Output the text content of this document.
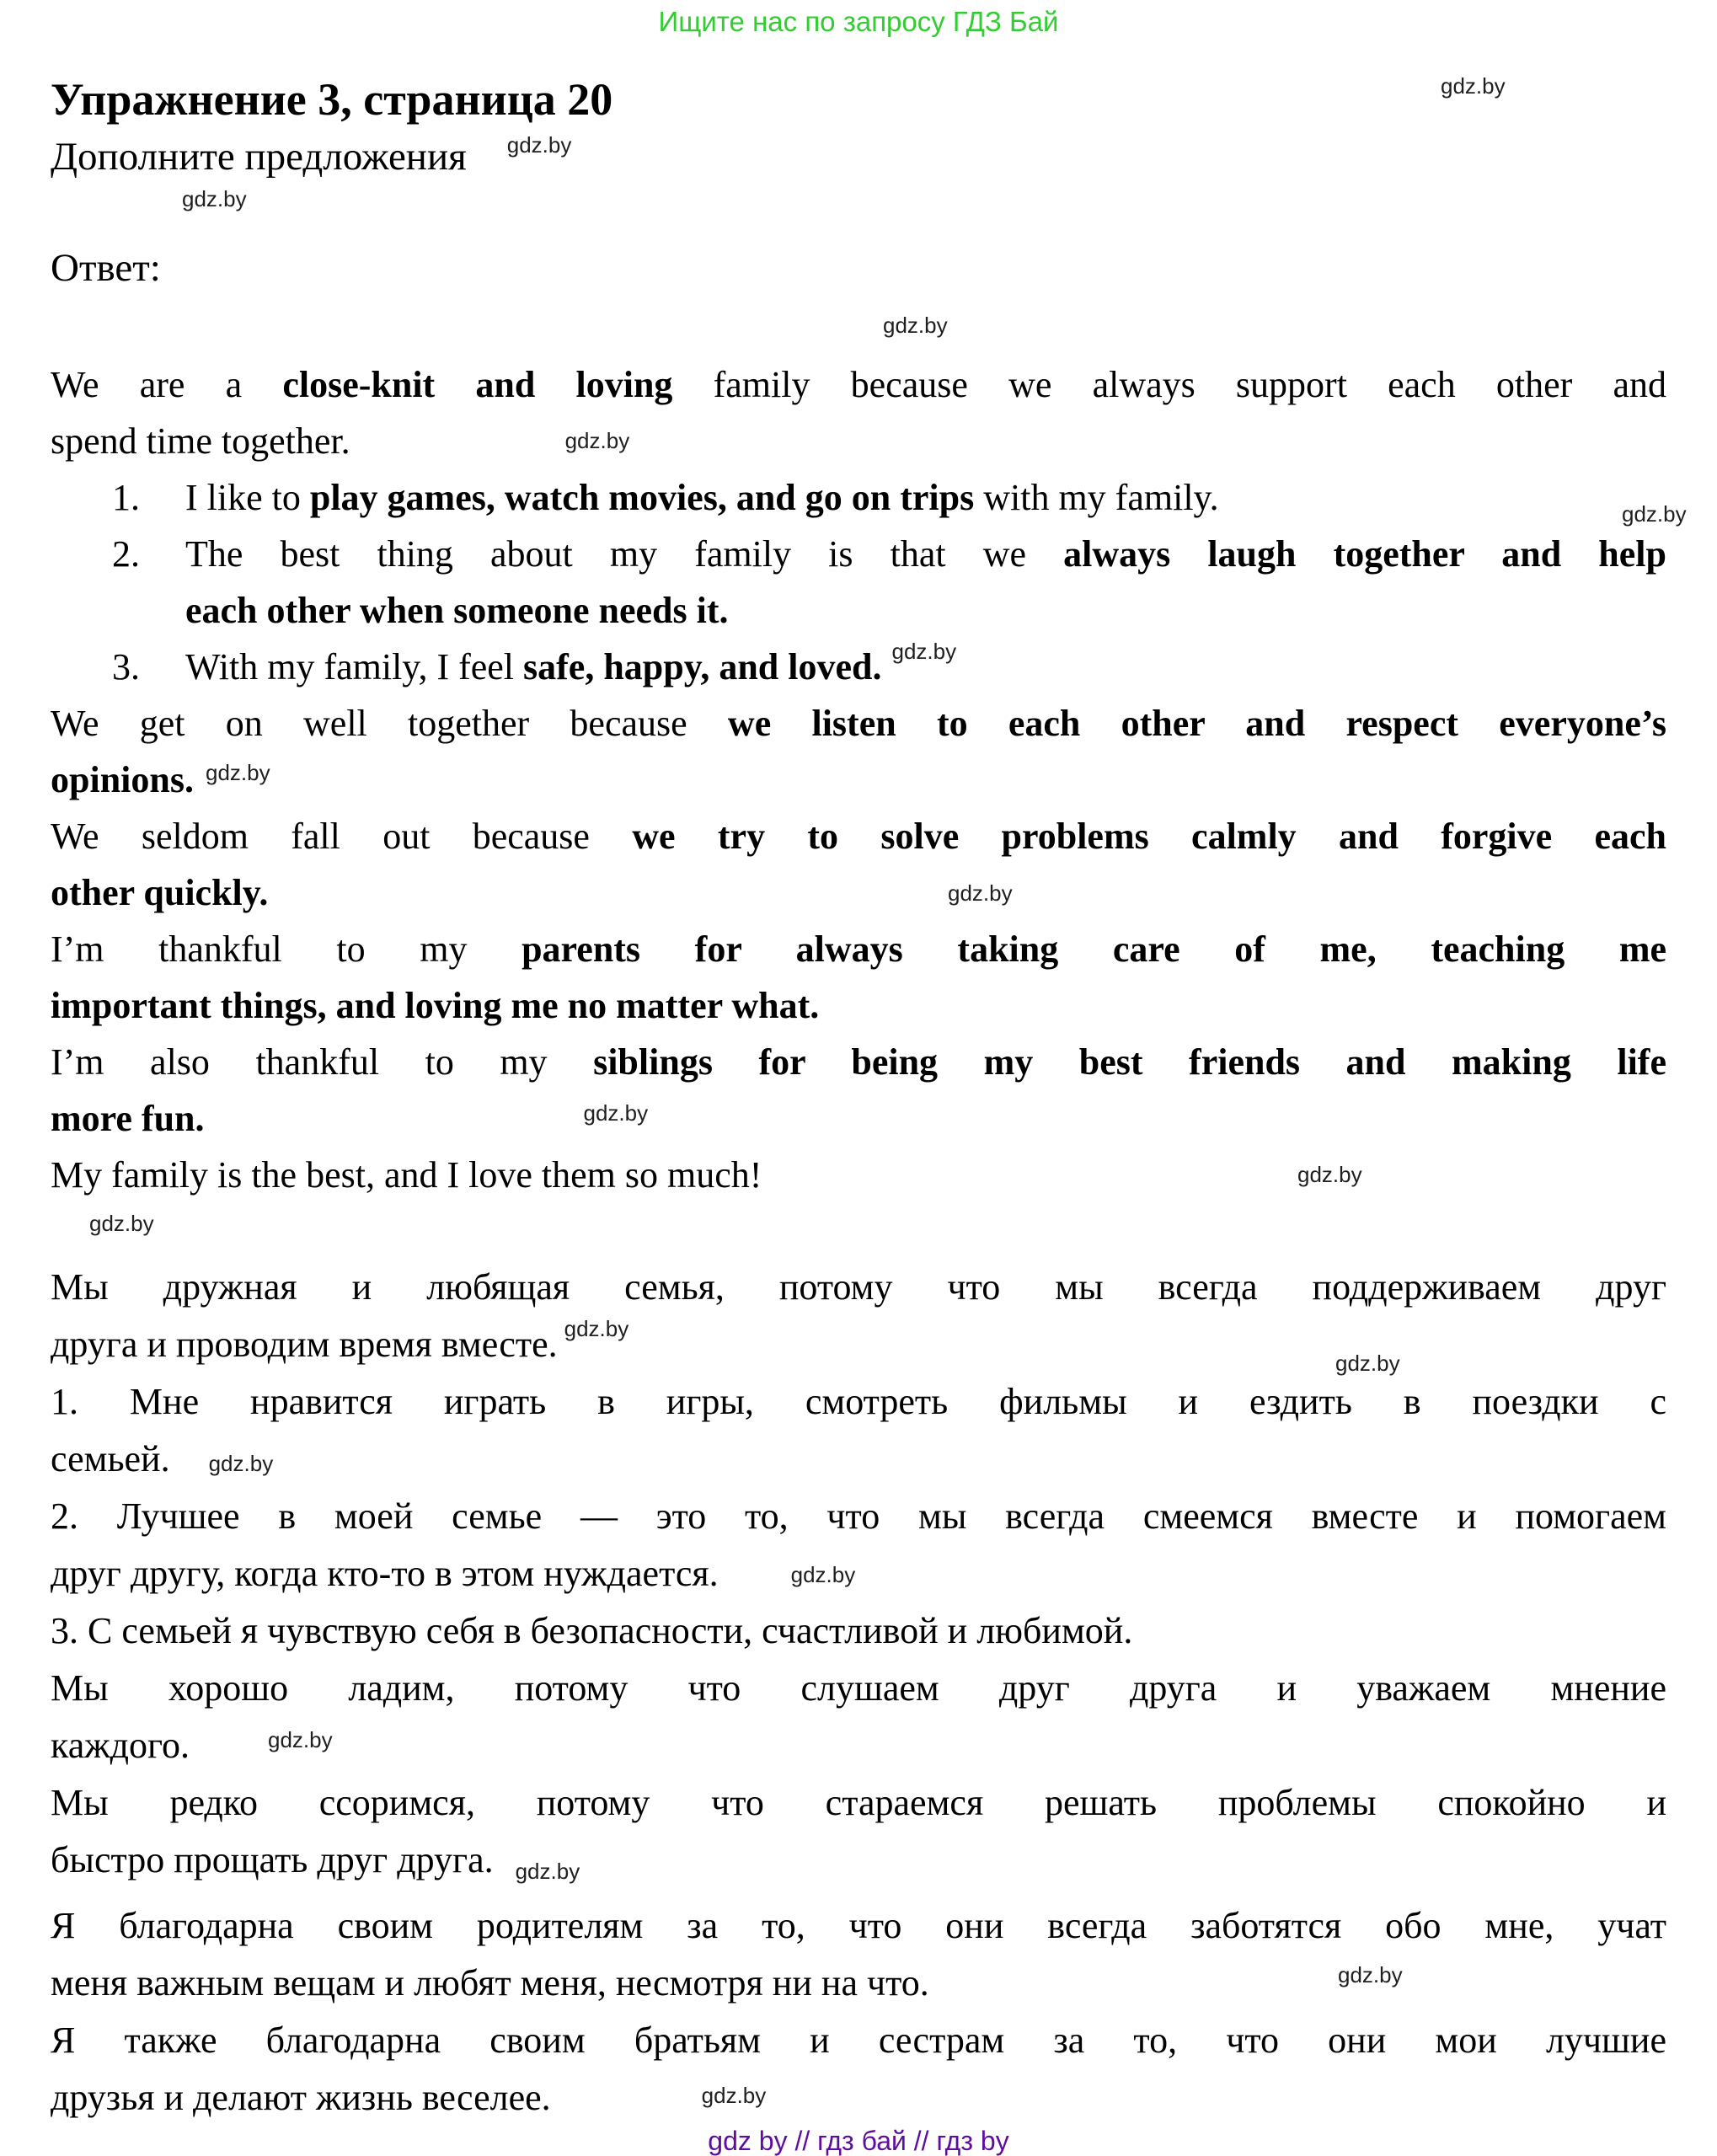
Ищите нас по запросу ГДЗ Бай
Упражнение 3, страница 20
Дополните предложения $^{gdz.by}$
Ответ:
We are a close-knit and loving family because we always support each other and
spend time together.	gdz.by
1. I like to play games, watch movies, and go on trips with my family.
2. The best thing about my family is that we always laugh together and help
each other when someone needs it.
3. With my family, I feel safe, happy, and loved. $^{gdz.by}$
We get on well together because we listen to each other and respect everyone’s
opinions. $^{gdz.by}$
We seldom fall out because we try to solve problems calmly and forgive each
other quickly.
I’m thankful to my parents for always taking care of me, teaching me
important things, and loving me no matter what.
I’m also thankful to my siblings for being my best friends and making life
more fun.	$^{gdz.by}$
My family is the best, and I love them so much!
Мы дружная и любящая семья, потому что мы всегда поддерживаем друг
друга и проводим время вместе. $^{gdz.by}$
1. Мне нравится играть в игры, смотреть фильмы и ездить в поездки с
семьей. gdz.by
2. Лучшее в моей семье — это то, что мы всегда смеемся вместе и помогаем
друг другу, когда кто-то в этом нуждается.	gdz.by
3. С семьей я чувствую себя в безопасности, счастливой и любимой.
Мы хорошо ладим, потому что слушаем друг друга и уважаем мнение
каждого.	$^{gdz.by}$
Мы редко ссоримся, потому что стараемся решать проблемы спокойно и
быстро прощать друг друга. gdz.by
Я благодарна своим родителям за то, что они всегда заботятся обо мне, учат
меня важным вещам и любят меня, несмотря ни на что.
Я также благодарна своим братьям и сестрам за то, что они мои лучшие
друзья и делают жизнь веселее.	gdz.by
gdz by // гдз бай // гдз by
gdz.by
gdz.by
gdz.by
gdz.by
gdz.by
gdz.by
gdz.by
gdz.by
gdz.by
